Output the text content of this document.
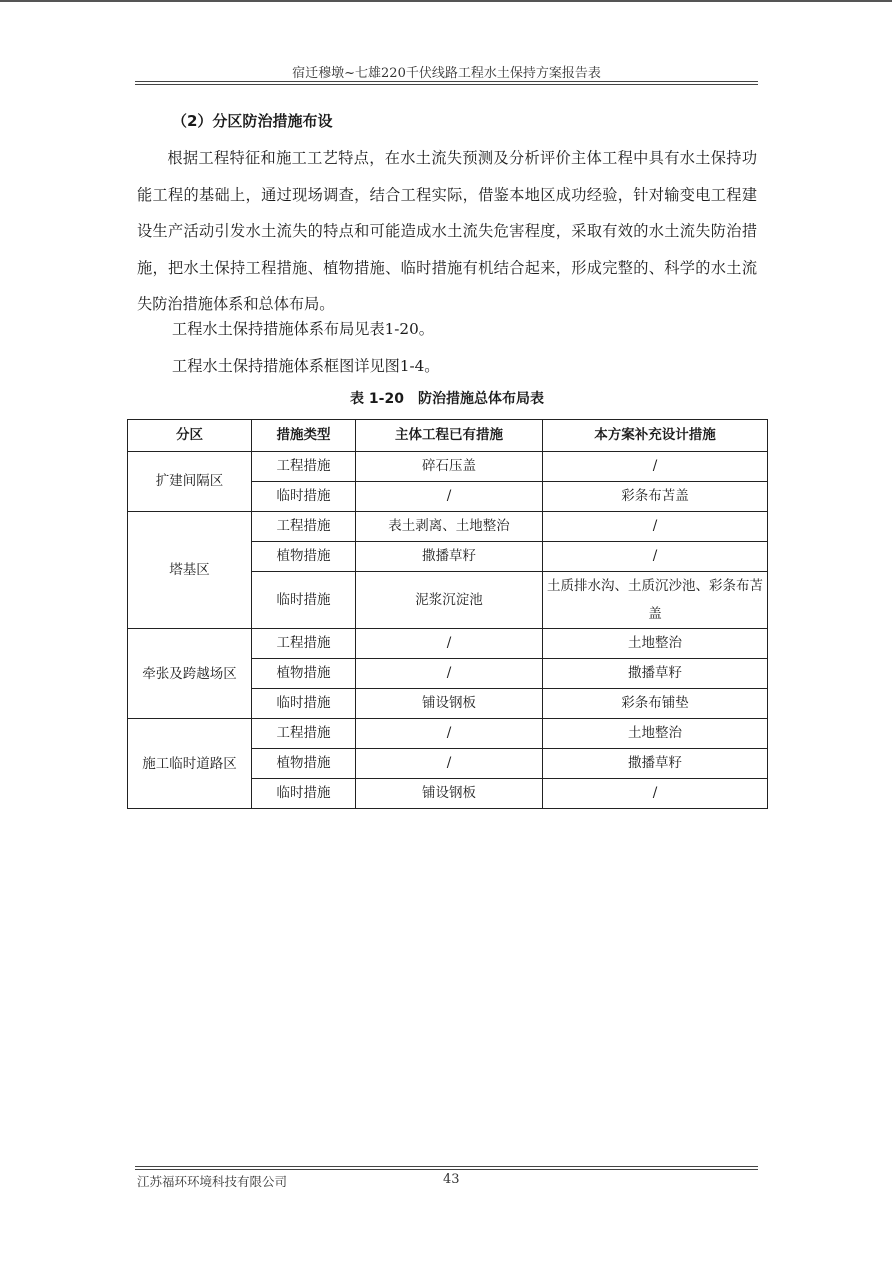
宿迁穆墩~七雄220千伏线路工程水土保持方案报告表
（2）分区防治措施布设

根据工程特征和施工工艺特点，在水土流失预测及分析评价主体工程中具有水土保持功能工程的基础上，通过现场调查，结合工程实际，借鉴本地区成功经验，针对输变电工程建设生产活动引发水土流失的特点和可能造成水土流失危害程度，采取有效的水土流失防治措施，把水土保持工程措施、植物措施、临时措施有机结合起来，形成完整的、科学的水土流失防治措施体系和总体布局。

工程水土保持措施体系布局见表1-20。
工程水土保持措施体系框图详见图1-4。
表 1-20　防治措施总体布局表
分区	措施类型	主体工程已有措施	本方案补充设计措施
扩建间隔区	工程措施	碎石压盖	/
	临时措施	/	彩条布苫盖
塔基区	工程措施	表土剥离、土地整治	/
	植物措施	撒播草籽	/
	临时措施	泥浆沉淀池	土质排水沟、土质沉沙池、彩条布苫盖
牵张及跨越场区	工程措施	/	土地整治
	植物措施	/	撒播草籽
	临时措施	铺设钢板	彩条布铺垫
施工临时道路区	工程措施	/	土地整治
	植物措施	/	撒播草籽
	临时措施	铺设钢板	/
江苏福环环境科技有限公司	43
